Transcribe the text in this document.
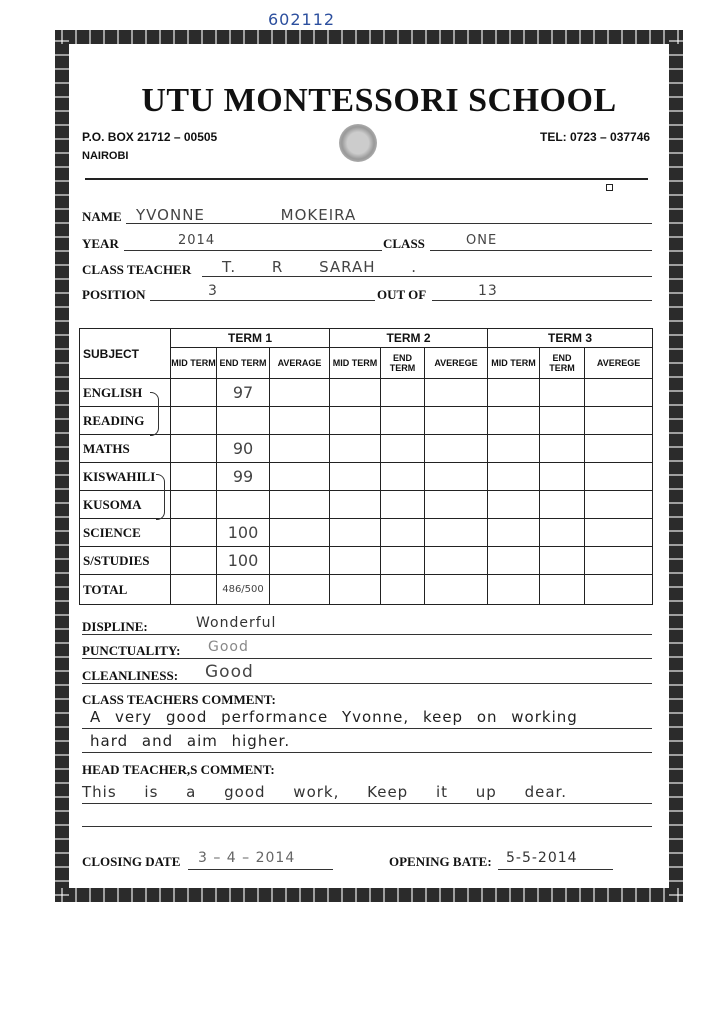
602112
UTU MONTESSORI SCHOOL
P.O. BOX 21712 – 00505
NAIROBI
TEL: 0723 – 037746
NAME YVONNE MOKEIRA
YEAR	2014	CLASS	ONE
CLASS TEACHER T. R SARAH .
POSITION	3	OUT OF	13
SUBJECT	TERM 1			TERM 2			TERM 3		
	MID TERM	END TERM	AVERAGE	MID TERM	END TERM	AVEREGE	MID TERM	END TERM	AVEREGE
ENGLISH		97							
READING									
MATHS		90							
KISWAHILI		99							
KUSOMA									
SCIENCE		100							
S/STUDIES		100							
TOTAL		486/500							
DISPLINE:	Wonderful
PUNCTUALITY: Good
CLEANLINESS: Good
CLASS TEACHERS COMMENT:
A very good performance Yvonne, keep on working
hard and aim higher.
HEAD TEACHER,S COMMENT:
This is a good work, Keep it up dear.
CLOSING DATE 3 – 4 – 2014	OPENING BATE: 5-5-2014
